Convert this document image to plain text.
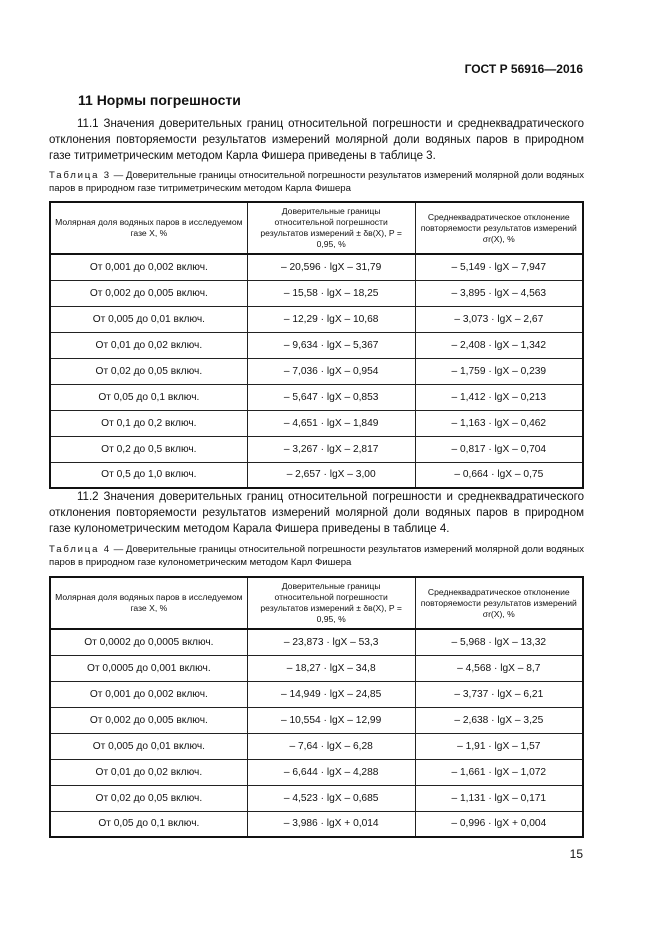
ГОСТ Р 56916—2016
11 Нормы погрешности
11.1 Значения доверительных границ относительной погрешности и среднеквадратического отклонения повторяемости результатов измерений молярной доли водяных паров в природном газе титриметрическим методом Карла Фишера приведены в таблице 3.
Таблица 3 — Доверительные границы относительной погрешности результатов измерений молярной доли водяных паров в природном газе титриметрическим методом Карла Фишера
Молярная доля водяных паров в исследуемом газе X, %	Доверительные границы относительной погрешности результатов измерений ± δв(X), P = 0,95, %	Среднеквадратическое отклонение повторяемости результатов измерений σr(X), %
От 0,001 до 0,002 включ.	– 20,596 · lgX – 31,79	– 5,149 · lgX – 7,947
От 0,002 до 0,005 включ.	– 15,58 · lgX – 18,25	– 3,895 · lgX – 4,563
От 0,005 до 0,01 включ.	– 12,29 · lgX – 10,68	– 3,073 · lgX – 2,67
От 0,01 до 0,02 включ.	– 9,634 · lgX – 5,367	– 2,408 · lgX – 1,342
От 0,02 до 0,05 включ.	– 7,036 · lgX – 0,954	– 1,759 · lgX – 0,239
От 0,05 до 0,1 включ.	– 5,647 · lgX – 0,853	– 1,412 · lgX – 0,213
От 0,1 до 0,2 включ.	– 4,651 · lgX – 1,849	– 1,163 · lgX – 0,462
От 0,2 до 0,5 включ.	– 3,267 · lgX – 2,817	– 0,817 · lgX – 0,704
От 0,5 до 1,0 включ.	– 2,657 · lgX – 3,00	– 0,664 · lgX – 0,75
11.2 Значения доверительных границ относительной погрешности и среднеквадратического отклонения повторяемости результатов измерений молярной доли водяных паров в природном газе кулонометрическим методом Карала Фишера приведены в таблице 4.
Таблица 4 — Доверительные границы относительной погрешности результатов измерений молярной доли водяных паров в природном газе кулонометрическим методом Карл Фишера
Молярная доля водяных паров в исследуемом газе X, %	Доверительные границы относительной погрешности результатов измерений ± δв(X), P = 0,95, %	Среднеквадратическое отклонение повторяемости результатов измерений σr(X), %
От 0,0002 до 0,0005 включ.	– 23,873 · lgX – 53,3	– 5,968 · lgX – 13,32
От 0,0005 до 0,001 включ.	– 18,27 · lgX – 34,8	– 4,568 · lgX – 8,7
От 0,001 до 0,002 включ.	– 14,949 · lgX – 24,85	– 3,737 · lgX – 6,21
От 0,002 до 0,005 включ.	– 10,554 · lgX – 12,99	– 2,638 · lgX – 3,25
От 0,005 до 0,01 включ.	– 7,64 · lgX – 6,28	– 1,91 · lgX – 1,57
От 0,01 до 0,02 включ.	– 6,644 · lgX – 4,288	– 1,661 · lgX – 1,072
От 0,02 до 0,05 включ.	– 4,523 · lgX – 0,685	– 1,131 · lgX – 0,171
От 0,05 до 0,1 включ.	– 3,986 · lgX + 0,014	– 0,996 · lgX + 0,004
15
